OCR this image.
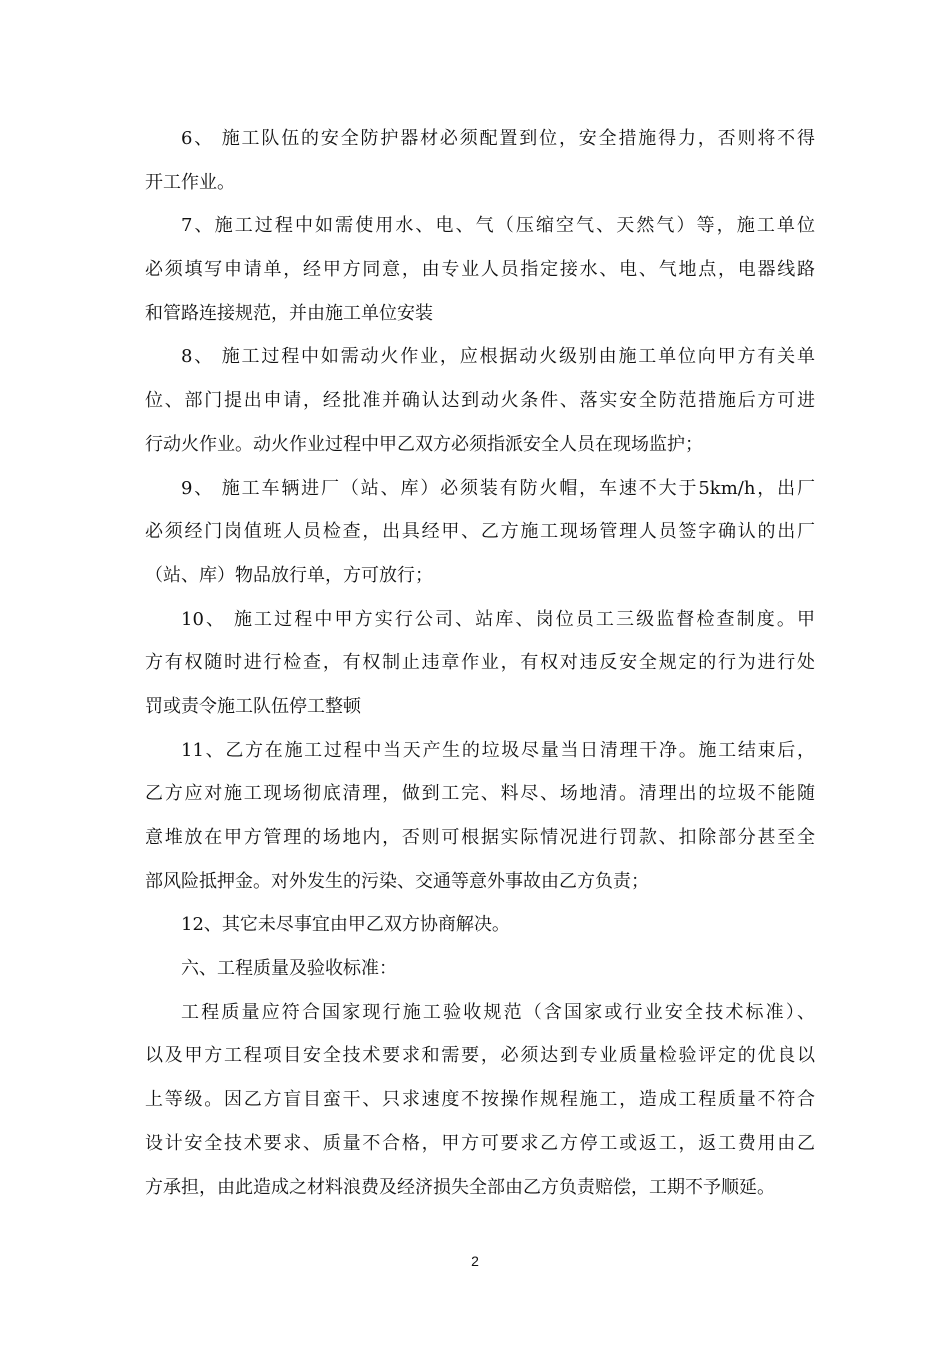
6、 施工队伍的安全防护器材必须配置到位，安全措施得力，否则将不得
开工作业。
7、施工过程中如需使用水、电、气（压缩空气、天然气）等，施工单位
必须填写申请单，经甲方同意，由专业人员指定接水、电、气地点，电器线路
和管路连接规范，并由施工单位安装
8、 施工过程中如需动火作业，应根据动火级别由施工单位向甲方有关单
位、部门提出申请，经批准并确认达到动火条件、落实安全防范措施后方可进
行动火作业。动火作业过程中甲乙双方必须指派安全人员在现场监护；
9、 施工车辆进厂（站、库）必须装有防火帽，车速不大于5km/h，出厂
必须经门岗值班人员检查，出具经甲、乙方施工现场管理人员签字确认的出厂
（站、库）物品放行单，方可放行；
10、 施工过程中甲方实行公司、站库、岗位员工三级监督检查制度。甲
方有权随时进行检查，有权制止违章作业，有权对违反安全规定的行为进行处
罚或责令施工队伍停工整顿
11、乙方在施工过程中当天产生的垃圾尽量当日清理干净。施工结束后，
乙方应对施工现场彻底清理，做到工完、料尽、场地清。清理出的垃圾不能随
意堆放在甲方管理的场地内，否则可根据实际情况进行罚款、扣除部分甚至全
部风险抵押金。对外发生的污染、交通等意外事故由乙方负责；
12、其它未尽事宜由甲乙双方协商解决。
六、工程质量及验收标准：
工程质量应符合国家现行施工验收规范（含国家或行业安全技术标准）、
以及甲方工程项目安全技术要求和需要，必须达到专业质量检验评定的优良以
上等级。因乙方盲目蛮干、只求速度不按操作规程施工，造成工程质量不符合
设计安全技术要求、质量不合格，甲方可要求乙方停工或返工，返工费用由乙
方承担，由此造成之材料浪费及经济损失全部由乙方负责赔偿，工期不予顺延。
2
